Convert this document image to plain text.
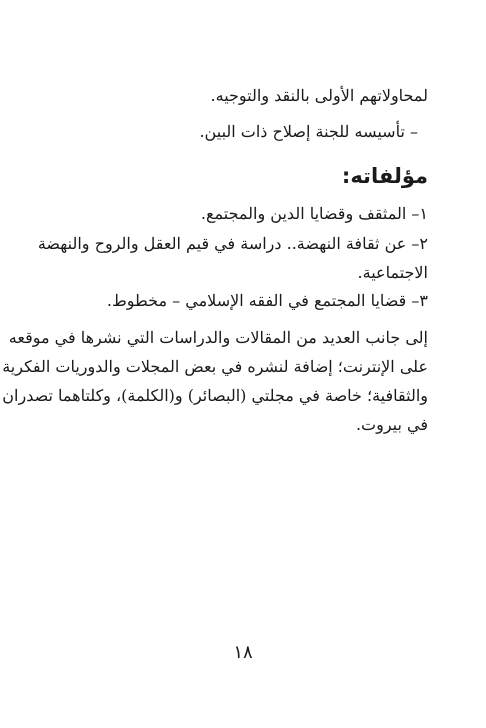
لمحاولاتهم الأولى بالنقد والتوجيه.
– تأسيسه للجنة إصلاح ذات البين.
مؤلفاته:
١– المثقف وقضايا الدين والمجتمع.
٢– عن ثقافة النهضة.. دراسة في قيم العقل والروح والنهضة
الاجتماعية.
٣– قضايا المجتمع في الفقه الإسلامي – مخطوط.
إلى جانب العديد من المقالات والدراسات التي نشرها في موقعه
على الإنترنت؛ إضافة لنشره في بعض المجلات والدوريات الفكرية
والثقافية؛ خاصة في مجلتي (البصائر) و(الكلمة)، وكلتاهما تصدران
في بيروت.
١٨
